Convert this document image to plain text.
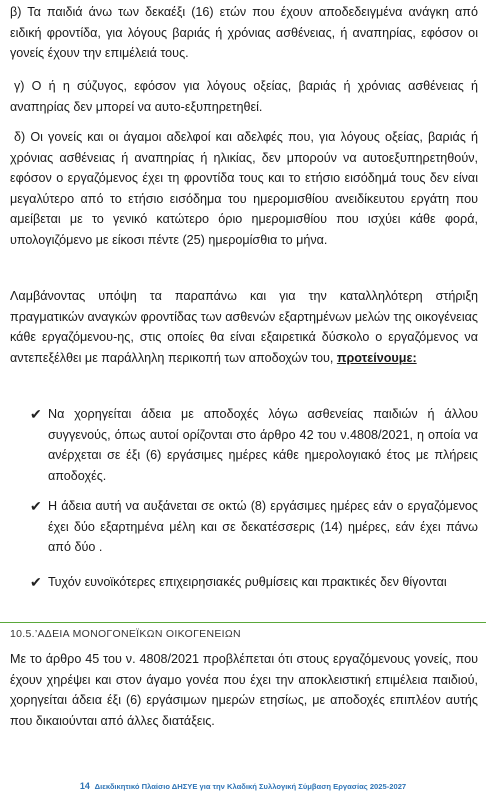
β) Τα παιδιά άνω των δεκαέξι (16) ετών που έχουν αποδεδειγμένα ανάγκη από ειδική φροντίδα, για λόγους βαριάς ή χρόνιας ασθένειας, ή αναπηρίας, εφόσον οι γονείς έχουν την επιμέλειά τους.

γ) Ο ή η σύζυγος, εφόσον για λόγους οξείας, βαριάς ή χρόνιας ασθένειας ή αναπηρίας δεν μπορεί να αυτο-εξυπηρετηθεί.

δ) Οι γονείς και οι άγαμοι αδελφοί και αδελφές που, για λόγους οξείας, βαριάς ή χρόνιας ασθένειας ή αναπηρίας ή ηλικίας, δεν μπορούν να αυτοεξυπηρετηθούν, εφόσον ο εργαζόμενος έχει τη φροντίδα τους και το ετήσιο εισόδημά τους δεν είναι μεγαλύτερο από το ετήσιο εισόδημα του ημερομισθίου ανειδίκευτου εργάτη που αμείβεται με το γενικό κατώτερο όριο ημερομισθίου που ισχύει κάθε φορά, υπολογιζόμενο με είκοσι πέντε (25) ημερομίσθια το μήνα.

Λαμβάνοντας υπόψη τα παραπάνω και για την καταλληλότερη στήριξη πραγματικών αναγκών φροντίδας των ασθενών εξαρτημένων μελών της οικογένειας κάθε εργαζόμενου-ης, στις οποίες θα είναι εξαιρετικά δύσκολο ο εργαζόμενος να αντεπεξέλθει με παράλληλη περικοπή των αποδοχών του, προτείνουμε:

✔ Να χορηγείται άδεια με αποδοχές λόγω ασθενείας παιδιών ή άλλου συγγενούς, όπως αυτοί ορίζονται στο άρθρο 42 του ν.4808/2021, η οποία να ανέρχεται σε έξι (6) εργάσιμες ημέρες κάθε ημερολογιακό έτος με πλήρεις αποδοχές.
✔ Η άδεια αυτή να αυξάνεται σε οκτώ (8) εργάσιμες ημέρες εάν ο εργαζόμενος έχει δύο εξαρτημένα μέλη και σε δεκατέσσερις (14) ημέρες, εάν έχει πάνω από δύο .
✔ Τυχόν ευνοϊκότερες επιχειρησιακές ρυθμίσεις και πρακτικές δεν θίγονται
10.5.’ΑΔΕΙΑ ΜΟΝΟΓΟΝΕΪΚΩΝ ΟΙΚΟΓΕΝΕΙΩΝ

Με το άρθρο 45 του ν. 4808/2021 προβλέπεται ότι στους εργαζόμενους γονείς, που έχουν χηρέψει και στον άγαμο γονέα που έχει την αποκλειστική επιμέλεια παιδιού, χορηγείται άδεια έξι (6) εργάσιμων ημερών ετησίως, με αποδοχές επιπλέον αυτής που δικαιούνται από άλλες διατάξεις.

14 Διεκδικητικό Πλαίσιο ΔΗΣΥΕ για την Κλαδική Συλλογική Σύμβαση Εργασίας 2025-2027
